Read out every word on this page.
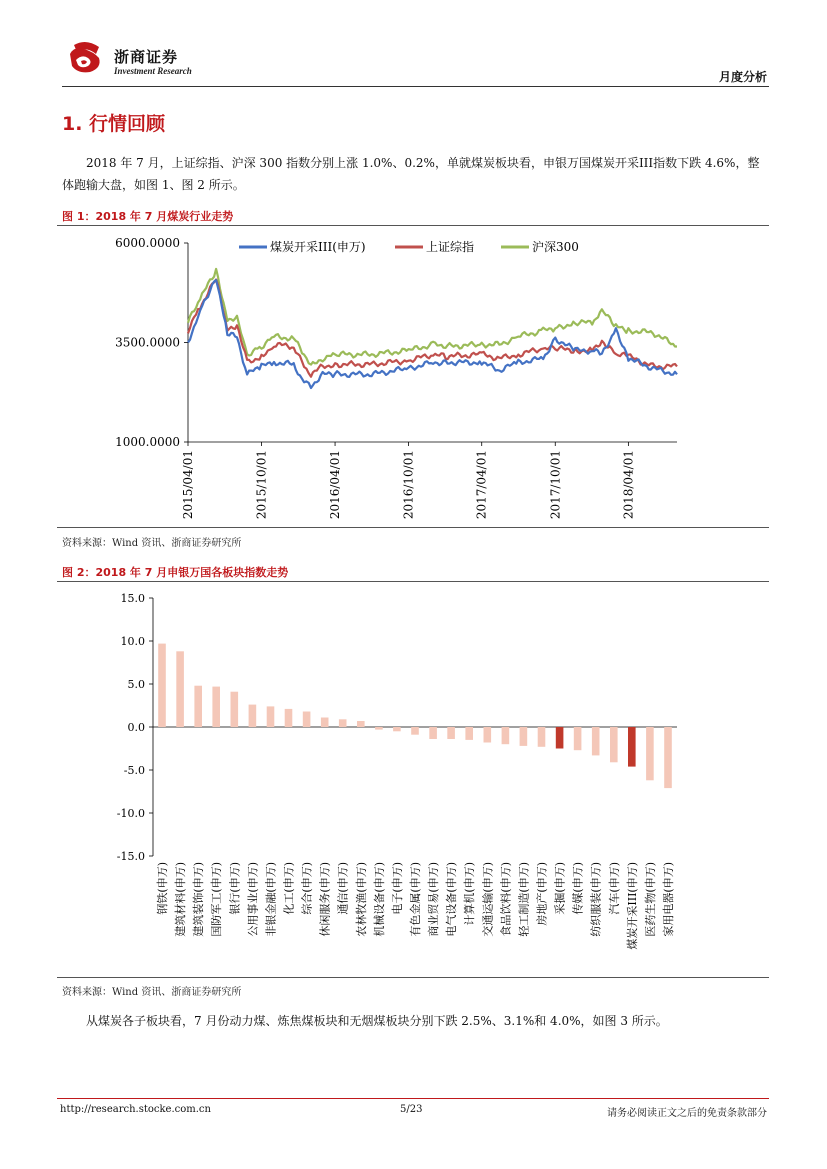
浙商证券
Investment Research	月度分析
1. 行情回顾
2018 年 7 月，上证综指、沪深 300 指数分别上涨 1.0%、0.2%，单就煤炭板块看，申银万国煤炭开采III指数下跌 4.6%，整体跑输大盘，如图 1、图 2 所示。
图 1：2018 年 7 月煤炭行业走势
煤炭开采III(申万)	上证综指	沪深300
1000.0000
3500.0000
6000.0000
2015/04/01	2015/10/01	2016/04/01	2016/10/01	2017/04/01	2017/10/01	2018/04/01
资料来源：Wind 资讯、浙商证券研究所
图 2：2018 年 7 月申银万国各板块指数走势
15.0
10.0
5.0
0.0
-5.0
-10.0
-15.0
钢铁(申万) 建筑材料(申万) 建筑装饰(申万) 国防军工(申万) 银行(申万) 公用事业(申万) 非银金融(申万) 化工(申万) 综合(申万) 休闲服务(申万) 通信(申万) 农林牧渔(申万) 机械设备(申万) 电子(申万) 有色金属(申万) 商业贸易(申万) 电气设备(申万) 计算机(申万) 交通运输(申万) 食品饮料(申万) 轻工制造(申万) 房地产(申万) 采掘(申万) 传媒(申万) 纺织服装(申万) 汽车(申万) 煤炭开采III(申万) 医药生物(申万) 家用电器(申万)
资料来源：Wind 资讯、浙商证券研究所
从煤炭各子板块看，7 月份动力煤、炼焦煤板块和无烟煤板块分别下跌 2.5%、3.1%和 4.0%，如图 3 所示。
http://research.stocke.com.cn	5/23	请务必阅读正文之后的免责条款部分
